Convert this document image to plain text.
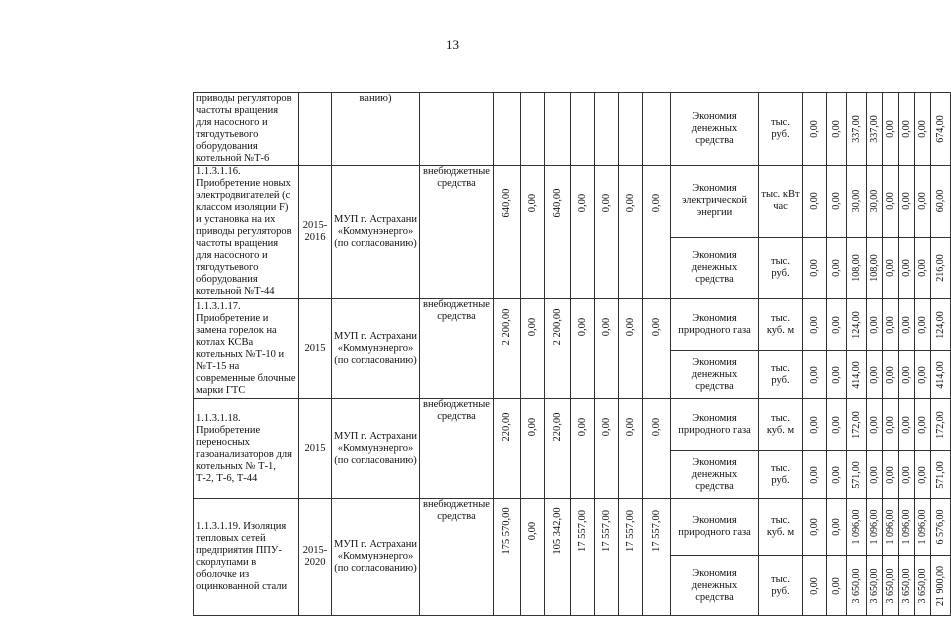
13
приводы регуляторов частоты вращения для насосного и тягодутьевого оборудования котельной №Т-6		ванию)									Экономия денежных средства	тыс. руб.	0,00	0,00	337,00	337,00	0,00	0,00	0,00	674,00

1.1.3.1.16. Приобретение новых электродвигателей (с классом изоляции F) и установка на их приводы регуляторов частоты вращения для насосного и тягодутьевого оборудования котельной №Т-44	2015-2016	МУП г. Астрахани «Коммунэнерго» (по согласованию)	внебюджетные средства	640,00	0,00	640,00	0,00	0,00	0,00	0,00	Экономия электрической энергии	тыс. кВт час	0,00	0,00	30,00	30,00	0,00	0,00	0,00	60,00

											Экономия денежных средства	тыс. руб.	0,00	0,00	108,00	108,00	0,00	0,00	0,00	216,00

1.1.3.1.17. Приобретение и замена горелок на котлах КСВа котельных №Т-10 и №Т-15 на современные блочные марки ГТС	2015	МУП г. Астрахани «Коммунэнерго» (по согласованию)	внебюджетные средства	2 200,00	0,00	2 200,00	0,00	0,00	0,00	0,00	Экономия природного газа	тыс. куб. м	0,00	0,00	124,00	0,00	0,00	0,00	0,00	124,00

											Экономия денежных средства	тыс. руб.	0,00	0,00	414,00	0,00	0,00	0,00	0,00	414,00

1.1.3.1.18. Приобретение переносных газоанализаторов для котельных № Т-1, Т-2, Т-6, Т-44	2015	МУП г. Астрахани «Коммунэнерго» (по согласованию)	внебюджетные средства	220,00	0,00	220,00	0,00	0,00	0,00	0,00	Экономия природного газа	тыс. куб. м	0,00	0,00	172,00	0,00	0,00	0,00	0,00	172,00

											Экономия денежных средства	тыс. руб.	0,00	0,00	571,00	0,00	0,00	0,00	0,00	571,00

1.1.3.1.19. Изоляция тепловых сетей предприятия ППУ-скорлупами в оболочке из оцинкованной стали	2015-2020	МУП г. Астрахани «Коммунэнерго» (по согласованию)	внебюджетные средства	175 570,00	0,00	105 342,00	17 557,00	17 557,00	17 557,00	17 557,00	Экономия природного газа	тыс. куб. м	0,00	0,00	1 096,00	1 096,00	1 096,00	1 096,00	1 096,00	6 576,00

											Экономия денежных средства	тыс. руб.	0,00	0,00	3 650,00	3 650,00	3 650,00	3 650,00	3 650,00	21 900,00
